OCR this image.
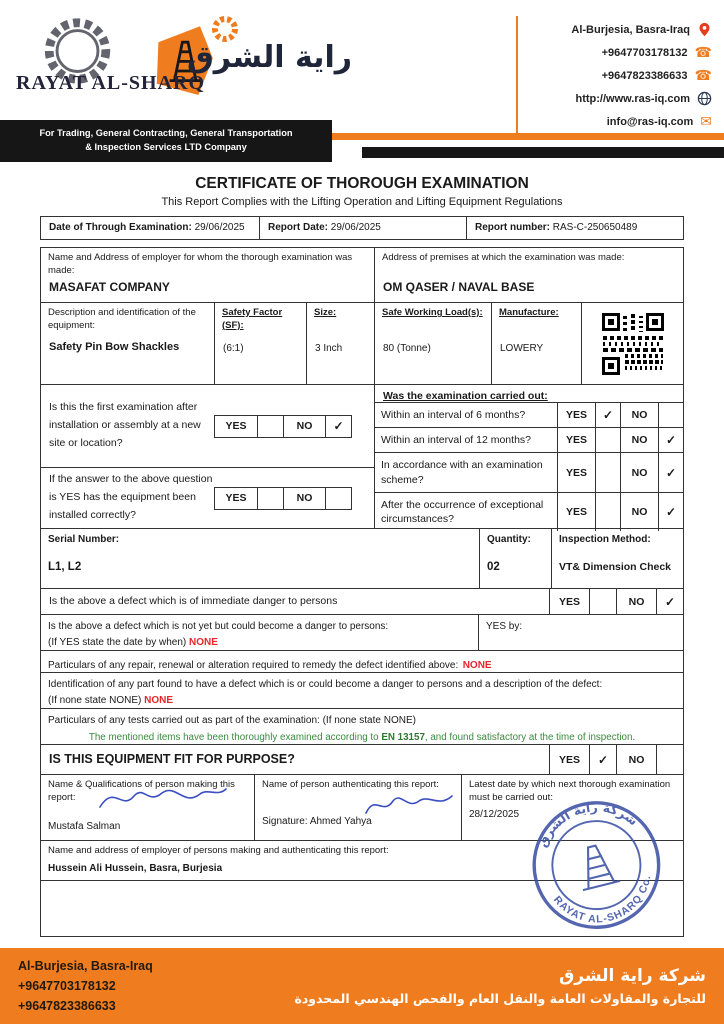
RAYAT AL-SHARQ
راية الشرق
For Trading, General Contracting, General Transportation
& Inspection Services LTD Company
Al-Burjesia, Basra-Iraq
+9647703178132 ☎
+9647823386633 ☎
http://www.ras-iq.com
info@ras-iq.com ✉
CERTIFICATE OF THOROUGH EXAMINATION
This Report Complies with the Lifting Operation and Lifting Equipment Regulations
Date of Through Examination: 29/06/2025	Report Date: 29/06/2025	Report number: RAS-C-250650489
Name and Address of employer for whom the thorough examination was made:
MASAFAT COMPANY
Address of premises at which the examination was made:
OM QASER / NAVAL BASE
Description and identification of the equipment:
Safety Pin Bow Shackles
Safety Factor (SF):
(6:1)
Size:
3 Inch
Safe Working Load(s):
80 (Tonne)
Manufacture:
LOWERY
Is this the first examination after installation or assembly at a new site or location?
YES	NO	✓
If the answer to the above question is YES has the equipment been installed correctly?
YES	NO
Was the examination carried out:
Within an interval of 6 months?	YES	✓	NO
Within an interval of 12 months?	YES	NO	✓
In accordance with an examination scheme?
YES	NO	✓
After the occurrence of exceptional circumstances?
YES	NO	✓
Serial Number:
L1, L2
Quantity:
02
Inspection Method:
VT& Dimension Check
Is the above a defect which is of immediate danger to persons	YES	NO	✓
Is the above a defect which is not yet but could become a danger to persons:
(If YES state the date by when) NONE
YES by:
Particulars of any repair, renewal or alteration required to remedy the defect identified above: NONE
Identification of any part found to have a defect which is or could become a danger to persons and a description of the defect:
(If none state NONE) NONE
Particulars of any tests carried out as part of the examination: (If none state NONE)
The mentioned items have been thoroughly examined according to EN 13157, and found satisfactory at the time of inspection.
IS THIS EQUIPMENT FIT FOR PURPOSE?	YES	✓	NO
Name & Qualifications of person making this report:
Mustafa Salman
Name of person authenticating this report:
Signature: Ahmed Yahya
Latest date by which next thorough examination must be carried out:
28/12/2025
Name and address of employer of persons making and authenticating this report:
Hussein Ali Hussein, Basra, Burjesia
شركة راية الشرق
RAYAT AL-SHARQ Co.
Al-Burjesia, Basra-Iraq
+9647703178132
+9647823386633
شركة راية الشرق
للتجارة والمقاولات العامة والنقل العام والفحص الهندسي المحدودة
